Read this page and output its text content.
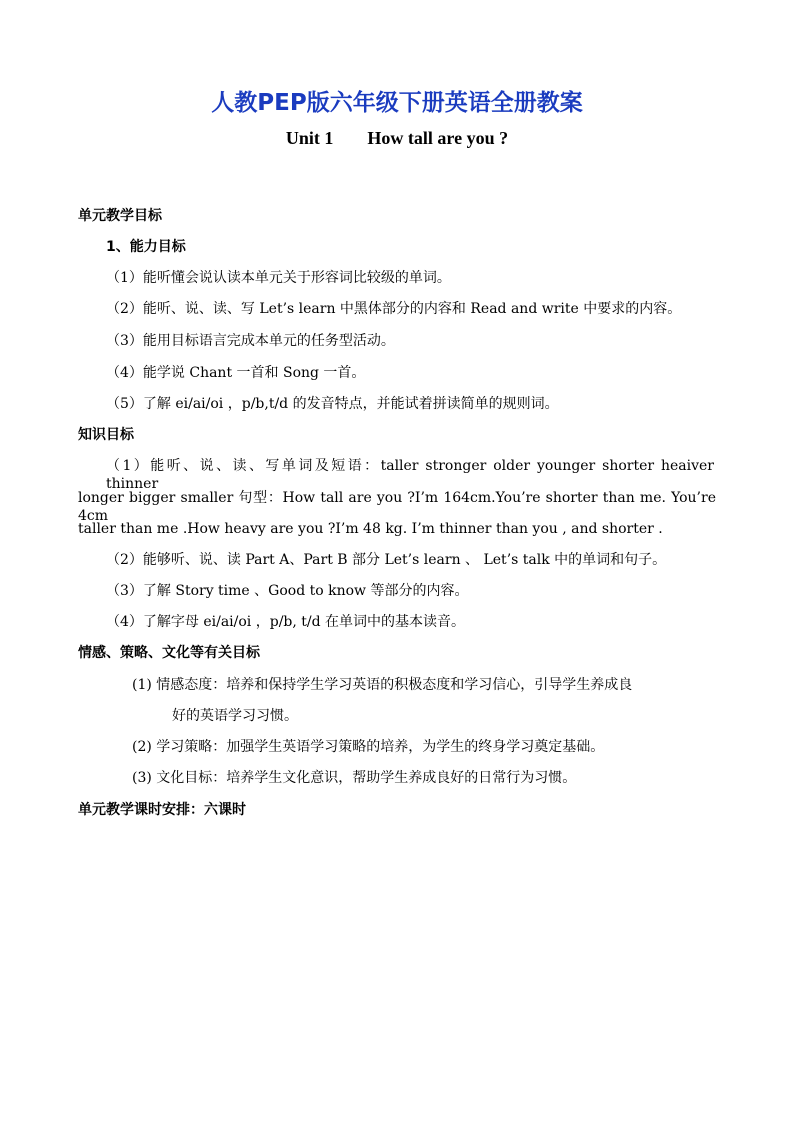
人教PEP版六年级下册英语全册教案
Unit 1 How tall are you ?
单元教学目标
1、能力目标
（1）能听懂会说认读本单元关于形容词比较级的单词。
（2）能听、说、读、写 Let’s learn 中黑体部分的内容和 Read and write 中要求的内容。
（3）能用目标语言完成本单元的任务型活动。
（4）能学说 Chant 一首和 Song 一首。
（5）了解 ei/ai/oi ，p/b,t/d 的发音特点，并能试着拼读简单的规则词。
知识目标
（1）能听、说、读、写单词及短语：taller stronger older younger shorter heaiver thinner
longer bigger smaller 句型：How tall are you ?I’m 164cm.You’re shorter than me. You’re 4cm
taller than me .How heavy are you ?I’m 48 kg. I’m thinner than you , and shorter .
（2）能够听、说、读 Part A、Part B 部分 Let’s learn 、 Let’s talk 中的单词和句子。
（3）了解 Story time 、Good to know 等部分的内容。
（4）了解字母 ei/ai/oi ，p/b, t/d 在单词中的基本读音。
情感、策略、文化等有关目标
(1) 情感态度：培养和保持学生学习英语的积极态度和学习信心，引导学生养成良
好的英语学习习惯。
(2) 学习策略：加强学生英语学习策略的培养，为学生的终身学习奠定基础。
(3) 文化目标：培养学生文化意识，帮助学生养成良好的日常行为习惯。
单元教学课时安排：六课时
